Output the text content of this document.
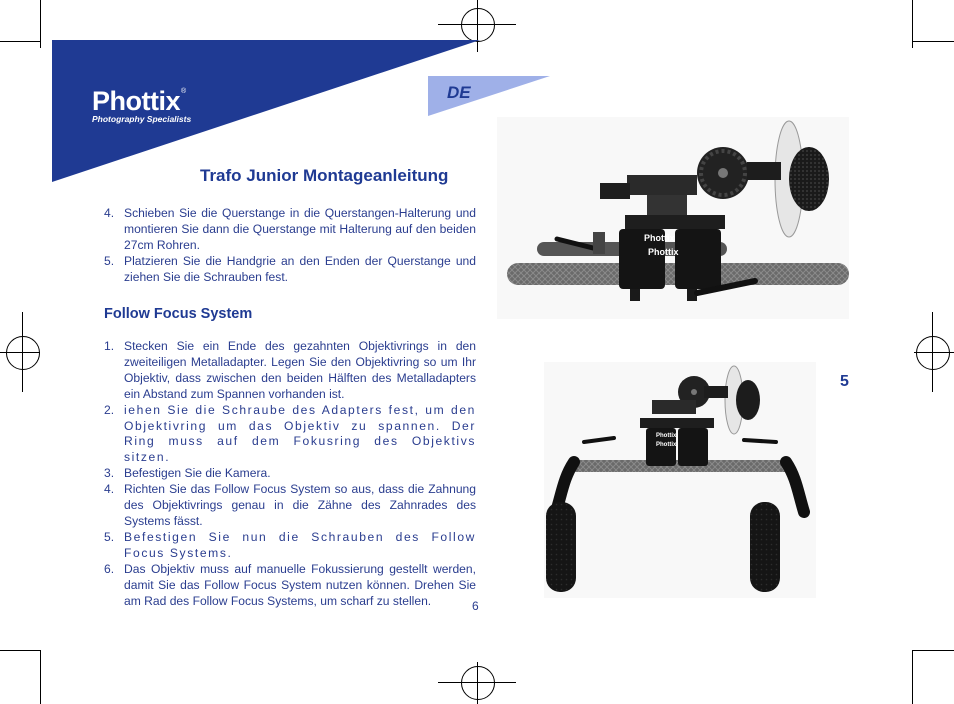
Phottix®
Photography Specialists
DE
Trafo Junior Montageanleitung
4. Schieben Sie die Querstange in die Querstangen-Halterung und montieren Sie dann die Querstange mit Halterung auf den beiden 27cm Rohren.
5. Platzieren Sie die Handgrie an den Enden der Querstange und ziehen Sie die Schrauben fest.
Follow Focus System
1. Stecken Sie ein Ende des gezahnten Objektivrings in den zweiteiligen Metalladapter. Legen Sie den Objektivring so um Ihr Objektiv, dass zwischen den beiden Hälften des Metalladapters ein Abstand zum Spannen vorhanden ist.
2. iehen Sie die Schraube des Adapters fest, um den Objektivring um das Objektiv zu spannen. Der Ring muss auf dem Fokusring des Objektivs sitzen.
3. Befestigen Sie die Kamera.
4. Richten Sie das Follow Focus System so aus, dass die Zahnung des Objektivrings genau in die Zähne des Zahnrades des Systems fässt.
5. Befestigen Sie nun die Schrauben des Follow Focus Systems.
6. Das Objektiv muss auf manuelle Fokussierung gestellt werden, damit Sie das Follow Focus System nutzen können. Drehen Sie am Rad des Follow Focus Systems, um scharf zu stellen.	6
Phottix
Phottix
5
Phottix
Phottix
